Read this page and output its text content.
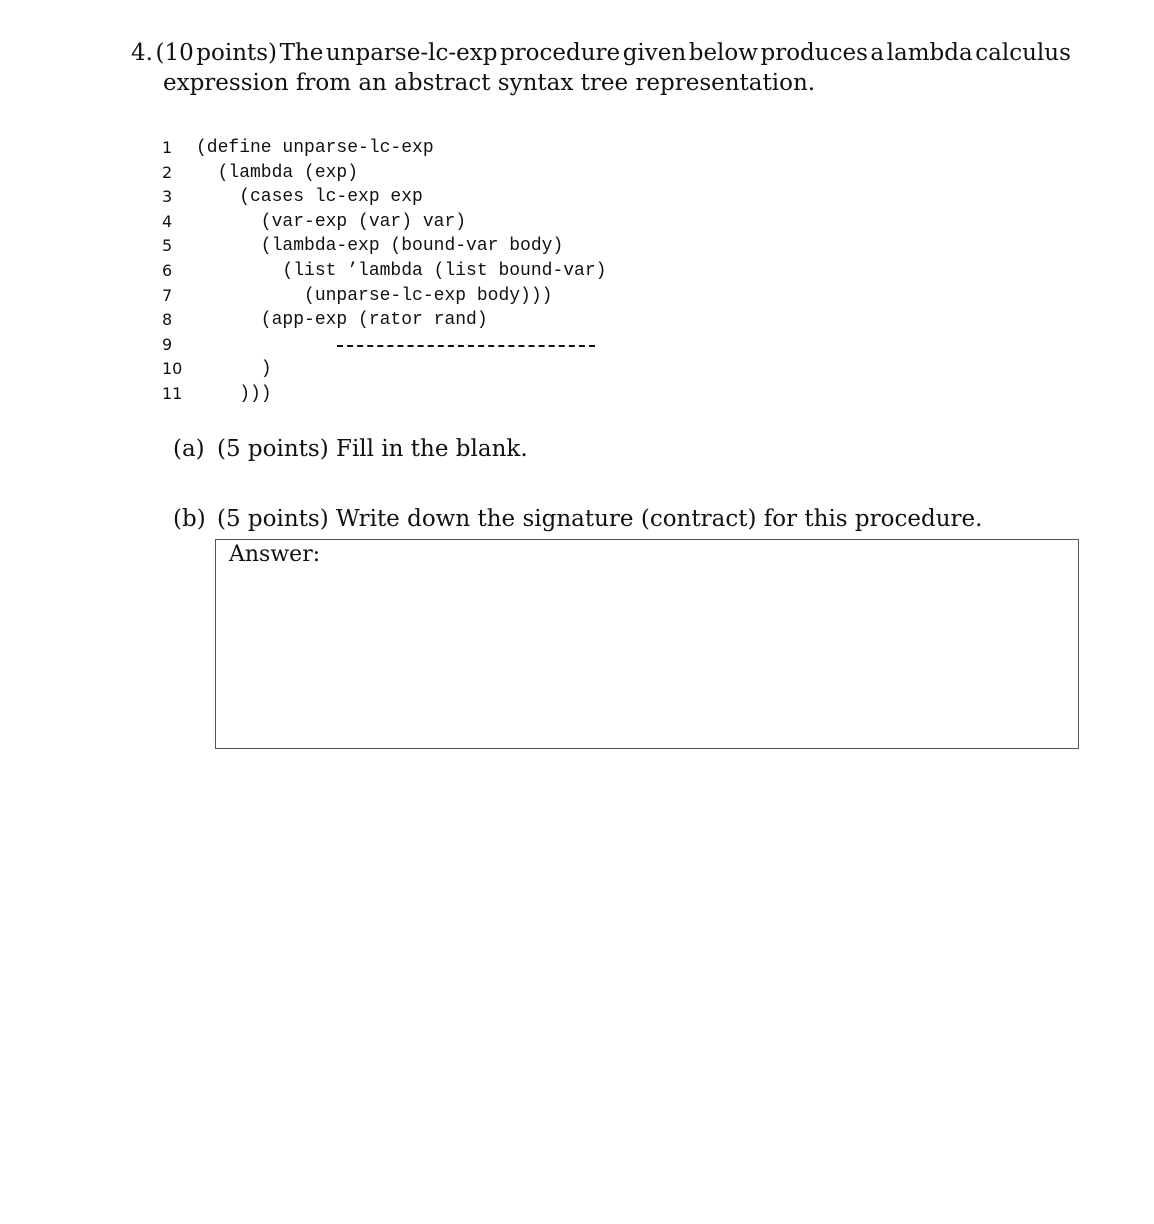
4. (10 points) The unparse-lc-exp procedure given below produces a lambda calculus
expression from an abstract syntax tree representation.

1

(define unparse-lc-exp

2

(lambda (exp)

3

(cases lc-exp exp

4

(var-exp (var) var)

5

(lambda-exp (bound-var body)

6

(list ’lambda (list bound-var)

7

(unparse-lc-exp body)))

8

(app-exp (rator rand)

9

10

)

11

)))

(a) (5 points) Fill in the blank.
(b) (5 points) Write down the signature (contract) for this procedure.
Answer:
